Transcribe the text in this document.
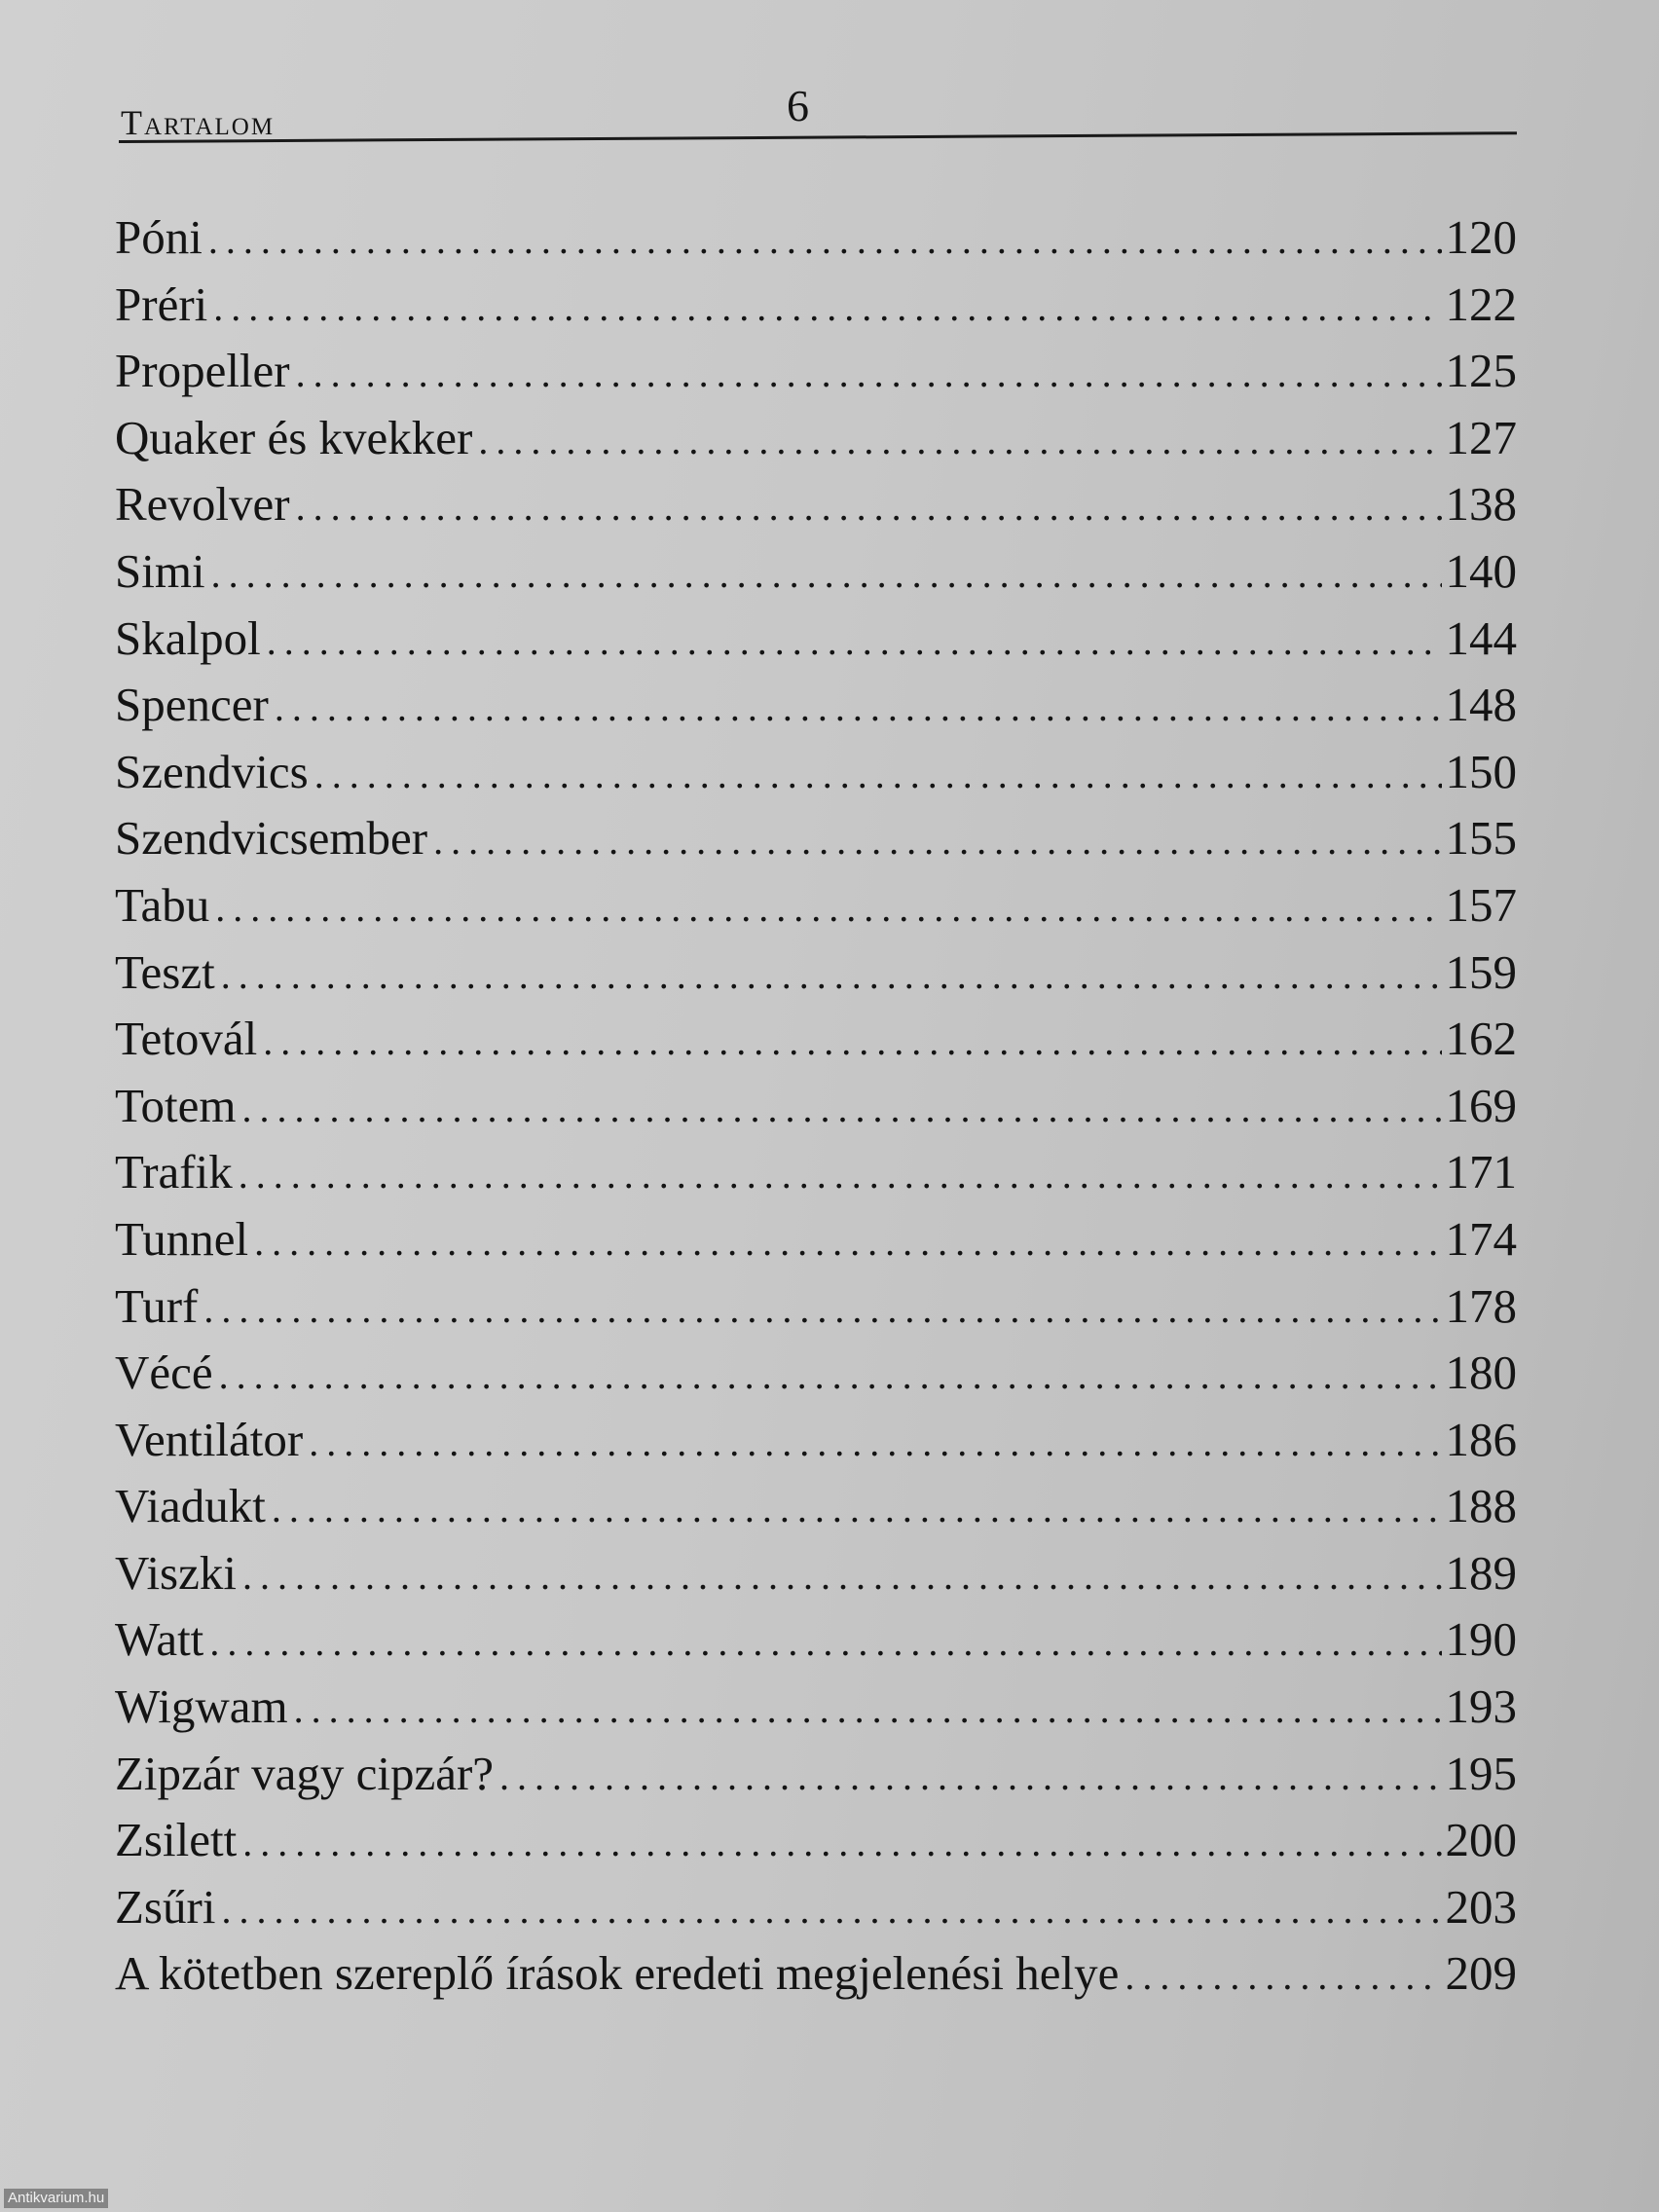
Tartalom	6
Póni . . .	120
Préri . . .	122
Propeller . . .	125
Quaker és kvekker . . .	127
Revolver . . .	138
Simi . . .	140
Skalpol . . .	144
Spencer . . .	148
Szendvics . . .	150
Szendvicsember . . .	155
Tabu . . .	157
Teszt . . .	159
Tetovál . . .	162
Totem . . .	169
Trafik . . .	171
Tunnel . . .	174
Turf . . .	178
Vécé . . .	180
Ventilátor . . .	186
Viadukt . . .	188
Viszki . . .	189
Watt . . .	190
Wigwam . . .	193
Zipzár vagy cipzár? . . .	195
Zsilett . . .	200
Zsűri . . .	203
A kötetben szereplő írások eredeti megjelenési helye . . .	209
Antikvarium.hu
